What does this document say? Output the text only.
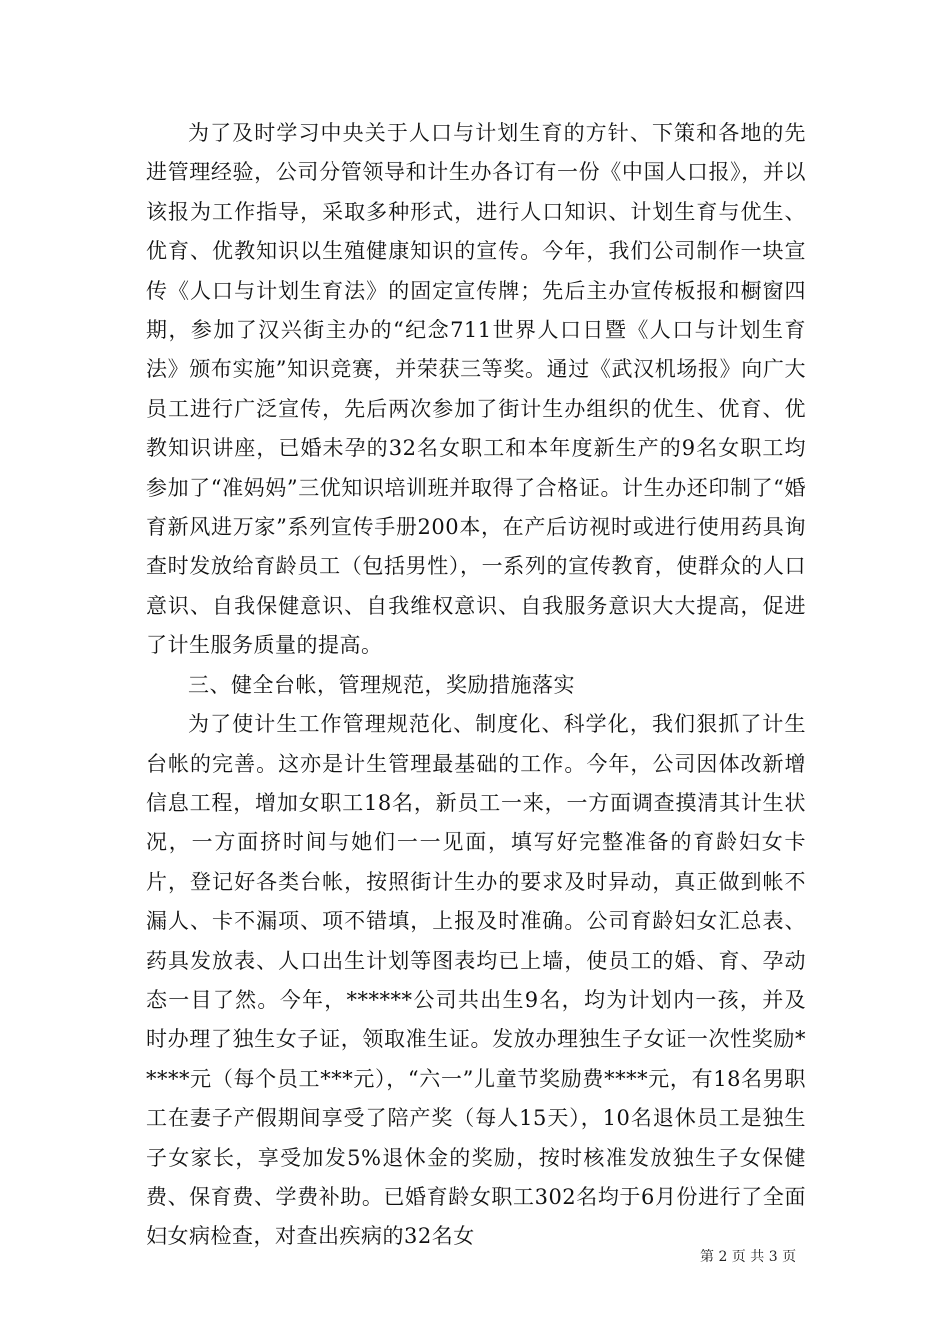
为了及时学习中央关于人口与计划生育的方针、下策和各地的先进管理经验，公司分管领导和计生办各订有一份《中国人口报》，并以该报为工作指导，采取多种形式，进行人口知识、计划生育与优生、优育、优教知识以生殖健康知识的宣传。今年，我们公司制作一块宣传《人口与计划生育法》的固定宣传牌；先后主办宣传板报和橱窗四期，参加了汉兴街主办的“纪念711世界人口日暨《人口与计划生育法》颁布实施”知识竞赛，并荣获三等奖。通过《武汉机场报》向广大员工进行广泛宣传，先后两次参加了街计生办组织的优生、优育、优教知识讲座，已婚未孕的32名女职工和本年度新生产的9名女职工均参加了“准妈妈”三优知识培训班并取得了合格证。计生办还印制了“婚育新风进万家”系列宣传手册200本，在产后访视时或进行使用药具询查时发放给育龄员工（包括男性），一系列的宣传教育，使群众的人口意识、自我保健意识、自我维权意识、自我服务意识大大提高，促进了计生服务质量的提高。

三、健全台帐，管理规范，奖励措施落实

为了使计生工作管理规范化、制度化、科学化，我们狠抓了计生台帐的完善。这亦是计生管理最基础的工作。今年，公司因体改新增信息工程，增加女职工18名，新员工一来，一方面调查摸清其计生状况，一方面挤时间与她们一一见面，填写好完整准备的育龄妇女卡片，登记好各类台帐，按照街计生办的要求及时异动，真正做到帐不漏人、卡不漏项、项不错填，上报及时准确。公司育龄妇女汇总表、药具发放表、人口出生计划等图表均已上墙，使员工的婚、育、孕动态一目了然。今年，******公司共出生9名，均为计划内一孩，并及时办理了独生女子证，领取准生证。发放办理独生子女证一次性奖励*****元（每个员工***元），“六一”儿童节奖励费****元，有18名男职工在妻子产假期间享受了陪产奖（每人15天），10名退休员工是独生子女家长，享受加发5%退休金的奖励，按时核准发放独生子女保健费、保育费、学费补助。已婚育龄女职工302名均于6月份进行了全面妇女病检查，对查出疾病的32名女

第 2 页 共 3 页
